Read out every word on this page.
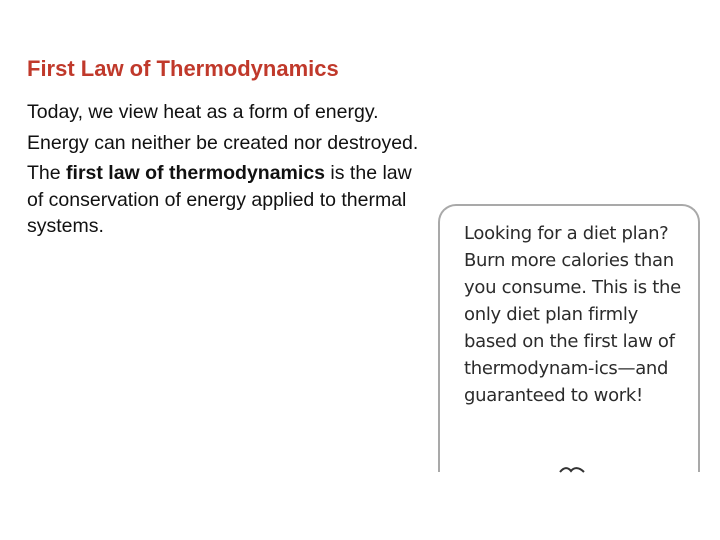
First Law of Thermodynamics

Today, we view heat as a form of energy.

Energy can neither be created nor destroyed.

The first law of thermodynamics is the law of conservation of energy applied to thermal systems.	Looking for a diet plan? Burn more calories than you consume. This is the only diet plan firmly based on the first law of thermodynam-ics—and guaranteed to work!
